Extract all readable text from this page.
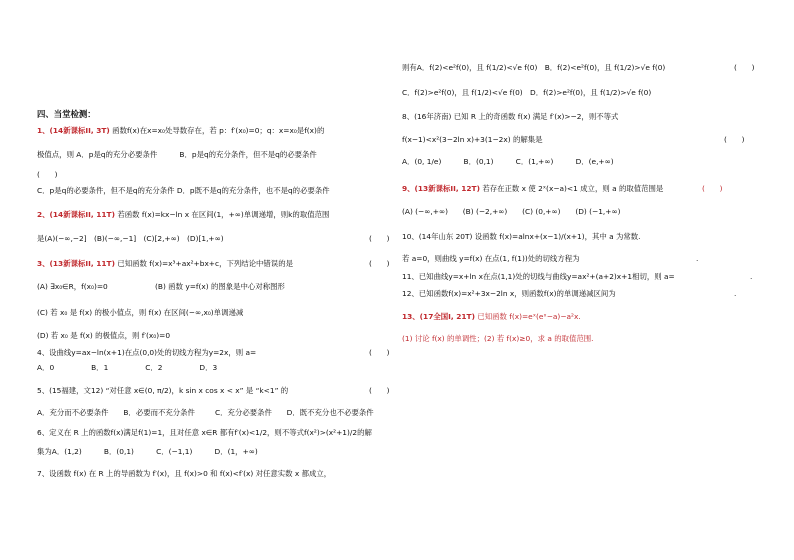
四、当堂检测：
1、(14新课标II, 3T) 函数f(x)在x=x₀处导数存在，若 p：f′(x₀)=0；q：x=x₀是f(x)的
极值点，则 A．p是q的充分必要条件　　　B．p是q的充分条件，但不是q的必要条件
(　　)
C．p是q的必要条件，但不是q的充分条件 D．p既不是q的充分条件，也不是q的必要条件
2、(14新课标II, 11T) 若函数 f(x)=kx−ln x 在区间(1，+∞)单调递增，则k的取值范围
是(A)(−∞,−2]　(B)(−∞,−1]　(C)[2,+∞)　(D)[1,+∞)	(　　)
3、(13新课标II, 11T) 已知函数 f(x)=x³+ax²+bx+c，下列结论中错误的是	(　　)
(A) ∃x₀∈R，f(x₀)=0	(B) 函数 y=f(x) 的图象是中心对称图形
(C) 若 x₀ 是 f(x) 的极小值点，则 f(x) 在区间(−∞,x₀)单调递减
(D) 若 x₀ 是 f(x) 的极值点，则 f′(x₀)=0
4、设曲线y=ax−ln(x+1)在点(0,0)处的切线方程为y=2x，则 a=	(　　)
A．0　　　　　B．1　　　　　C．2　　　　　D．3
5、(15福建，文12) “对任意 x∈(0, π/2)，k sin x cos x < x” 是 “k<1” 的	(　　)
A．充分而不必要条件　　B．必要而不充分条件	C．充分必要条件　　D．既不充分也不必要条件
6、定义在 R 上的函数f(x)满足f(1)=1，且对任意 x∈R 都有f′(x)<1/2，则不等式f(x²)>(x²+1)/2的解
集为A．(1,2)　　　B．(0,1)　　　C．(−1,1)　　　D．(1，+∞)
7、设函数 f(x) 在 R 上的导函数为 f′(x)，且 f(x)>0 和 f(x)<f′(x) 对任意实数 x 都成立，
则有A．f(2)<e²f(0)，且 f(1/2)<√e f(0)　B．f(2)<e²f(0)，且 f(1/2)>√e f(0)	(　　)
C．f(2)>e²f(0)，且 f(1/2)<√e f(0)　D．f(2)>e²f(0)，且 f(1/2)>√e f(0)
8、(16年济南) 已知 R 上的奇函数 f(x) 满足 f′(x)>−2，则不等式
f(x−1)<x²(3−2ln x)+3(1−2x) 的解集是	(　　)
A．(0, 1/e)　　　B．(0,1)　　　C．(1,+∞)　　　D．(e,+∞)
9、(13新课标II, 12T) 若存在正数 x 使 2ˣ(x−a)<1 成立，则 a 的取值范围是	(　　)
(A) (−∞,+∞)　　(B) (−2,+∞)　　(C) (0,+∞)　　(D) (−1,+∞)
10、(14年山东 20T) 设函数 f(x)=alnx+(x−1)/(x+1)，其中 a 为常数.
若 a=0，则曲线 y=f(x) 在点(1, f(1))处的切线方程为	.
11、已知曲线y=x+ln x在点(1,1)处的切线与曲线y=ax²+(a+2)x+1相切，则 a=	.
12、已知函数f(x)=x²+3x−2ln x，则函数f(x)的单调递减区间为	.
13、(17全国I, 21T) 已知函数 f(x)=eˣ(eˣ−a)−a²x.
(1) 讨论 f(x) 的单调性；(2) 若 f(x)≥0，求 a 的取值范围.
